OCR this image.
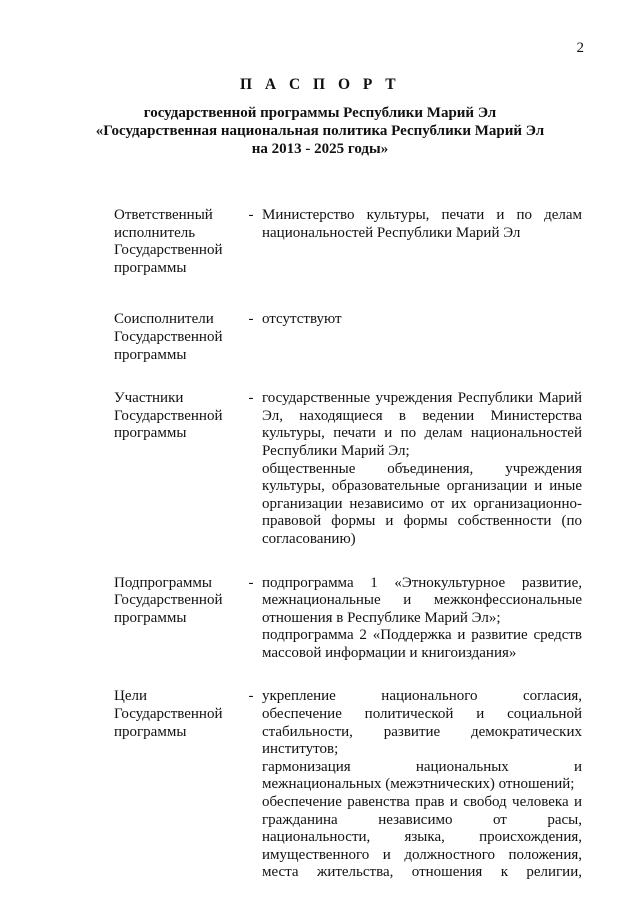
2
П А С П О Р Т
государственной программы Республики Марий Эл
«Государственная национальная политика Республики Марий Эл
на 2013 - 2025 годы»
Ответственный
исполнитель
Государственной
программы
- Министерство культуры, печати и по делам национальностей Республики Марий Эл

Соисполнители
Государственной
программы
- отсутствуют

Участники
Государственной
программы
- государственные учреждения Республики Марий Эл, находящиеся в ведении Министерства культуры, печати и по делам национальностей Республики Марий Эл;

общественные объединения, учреждения культуры, образовательные организации и иные организации независимо от их организационно-правовой формы и формы собственности (по согласованию)

Подпрограммы
Государственной
программы
- подпрограмма 1 «Этнокультурное развитие, межнациональные и межконфессиональные отношения в Республике Марий Эл»;

подпрограмма 2 «Поддержка и развитие средств массовой информации и книгоиздания»

Цели
Государственной
программы
- укрепление национального согласия, обеспечение политической и социальной стабильности, развитие демократических институтов;

гармонизация национальных и межнациональных (межэтнических) отношений;

обеспечение равенства прав и свобод человека и гражданина независимо от расы, национальности, языка, происхождения, имущественного и должностного положения, места жительства, отношения к религии,
